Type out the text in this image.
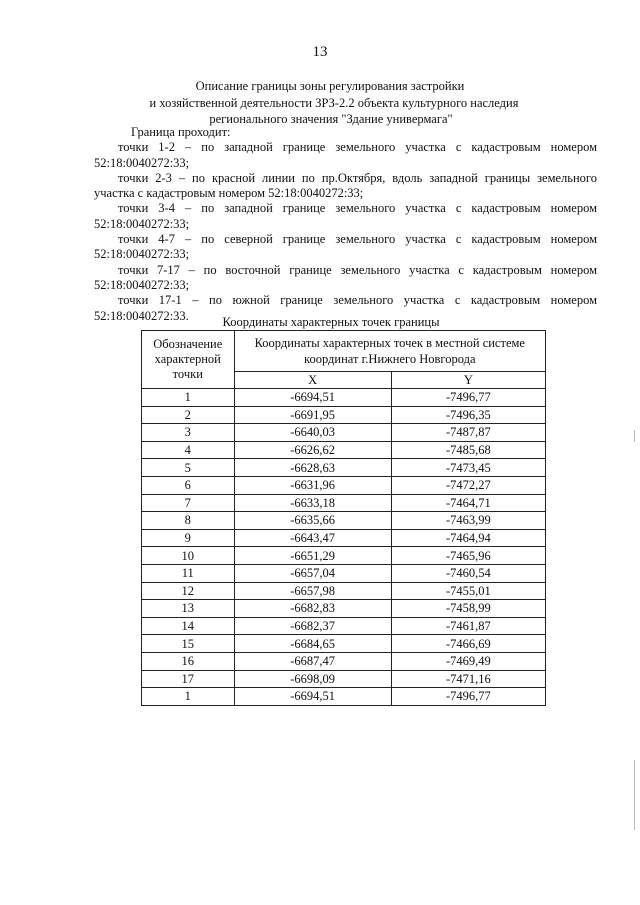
13
Описание границы зоны регулирования застройки
и хозяйственной деятельности ЗРЗ-2.2 объекта культурного наследия
регионального значения "Здание универмага"
Граница проходит:

точки 1-2 – по западной границе земельного участка с кадастровым номером 52:18:0040272:33;

точки 2-3 – по красной линии по пр.Октября, вдоль западной границы земельного участка с кадастровым номером 52:18:0040272:33;

точки 3-4 – по западной границе земельного участка с кадастровым номером 52:18:0040272:33;

точки 4-7 – по северной границе земельного участка с кадастровым номером 52:18:0040272:33;

точки 7-17 – по восточной границе земельного участка с кадастровым номером 52:18:0040272:33;

точки 17-1 – по южной границе земельного участка с кадастровым номером 52:18:0040272:33.	Координаты характерных точек границы
Обозначение характерной точки	Координаты характерных точек в местной системе координат г.Нижнего Новгорода	
	X	Y
1	-6694,51	-7496,77
2	-6691,95	-7496,35
3	-6640,03	-7487,87
4	-6626,62	-7485,68
5	-6628,63	-7473,45
6	-6631,96	-7472,27
7	-6633,18	-7464,71
8	-6635,66	-7463,99
9	-6643,47	-7464,94
10	-6651,29	-7465,96
11	-6657,04	-7460,54
12	-6657,98	-7455,01
13	-6682,83	-7458,99
14	-6682,37	-7461,87
15	-6684,65	-7466,69
16	-6687,47	-7469,49
17	-6698,09	-7471,16
1	-6694,51	-7496,77
